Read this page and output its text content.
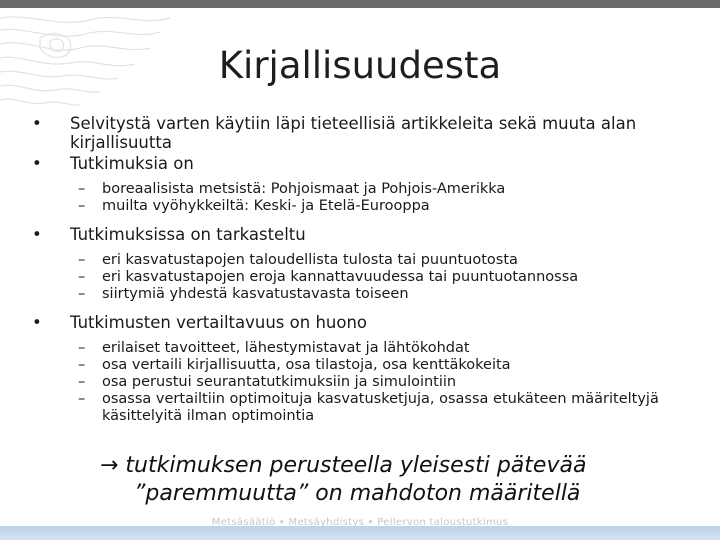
Kirjallisuudesta
• Selvitystä varten käytiin läpi tieteellisiä artikkeleita sekä muuta alan kirjallisuutta
• Tutkimuksia on
– boreaalisista metsistä: Pohjoismaat ja Pohjois-Amerikka
– muilta vyöhykkeiltä: Keski- ja Etelä-Eurooppa
• Tutkimuksissa on tarkasteltu
– eri kasvatustapojen taloudellista tulosta tai puuntuotosta
– eri kasvatustapojen eroja kannattavuudessa tai puuntuotannossa
– siirtymiä yhdestä kasvatustavasta toiseen
• Tutkimusten vertailtavuus on huono
– erilaiset tavoitteet, lähestymistavat ja lähtökohdat
– osa vertaili kirjallisuutta, osa tilastoja, osa kenttäkokeita
– osa perustui seurantatutkimuksiin ja simulointiin
– osassa vertailtiin optimoituja kasvatusketjuja, osassa etukäteen määriteltyjä käsittelyitä ilman optimointia
→ tutkimuksen perusteella yleisesti pätevää
”paremmuutta” on mahdoton määritellä
Metsäsäätiö • Metsäyhdistys • Pellervon taloustutkimus
